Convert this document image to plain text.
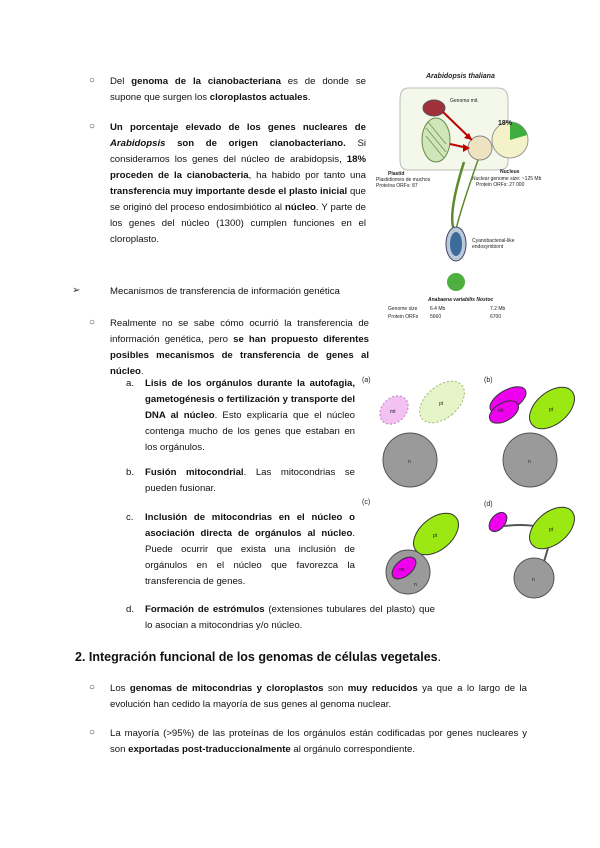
○ Del genoma de la cianobacteriana es de donde se supone que surgen los cloroplastos actuales.
○ Un porcentaje elevado de los genes nucleares de Arabidopsis son de origen cianobacteriano. Si consideramos los genes del núcleo de arabidopsis, 18% proceden de la cianobacteria, ha habido por tanto una transferencia muy importante desde el plasto inicial que se originó del proceso endosimbiótico al núcleo. Y parte de los genes del núcleo (1300) cumplen funciones en el cloroplasto.
➢	Mecanismos de transferencia de información genética
○ Realmente no se sabe cómo ocurrió la transferencia de información genética, pero se han propuesto diferentes posibles mecanismos de transferencia de genes al núcleo.
a. Lisis de los orgánulos durante la autofagia, gametogénesis o fertilización y transporte del DNA al núcleo. Esto explicaría que el núcleo contenga mucho de los genes que estaban en los orgánulos.
b. Fusión mitocondrial. Las mitocondrias se pueden fusionar.
c. Inclusión de mitocondrias en el núcleo o asociación directa de orgánulos al núcleo. Puede ocurrir que exista una inclusión de orgánulos en el núcleo que favorezca la transferencia de genes.
d. Formación de estrómulos (extensiones tubulares del plasto) que lo asocian a mitocondrias y/o núcleo.
2. Integración funcional de los genomas de células vegetales.
○ Los genomas de mitocondrias y cloroplastos son muy reducidos ya que a lo largo de la evolución han cedido la mayoría de sus genes al genoma nuclear.
○ La mayoría (>95%) de las proteínas de los orgánulos están codificadas por genes nucleares y son exportadas post-traduccionalmente al orgánulo correspondiente.
Arabidopsis thaliana
Genoma mit.
18%
Plastid
Plastidiomes de muchos
Proteína ORFs: 87
Nucleus
Nuclear genome size: ~125 Mb
Protein ORFs: 27 000
Cyanobacterial-like
endosymbiont
Anabaena variabilis Nostoc
Genome size	6.4 Mb	7.2 Mb
Protein ORFs 5660	6700
(a)
mt
pt
n
(b)
mt	pt
n
(c)
pt
mt
n
(d)
pt
n
